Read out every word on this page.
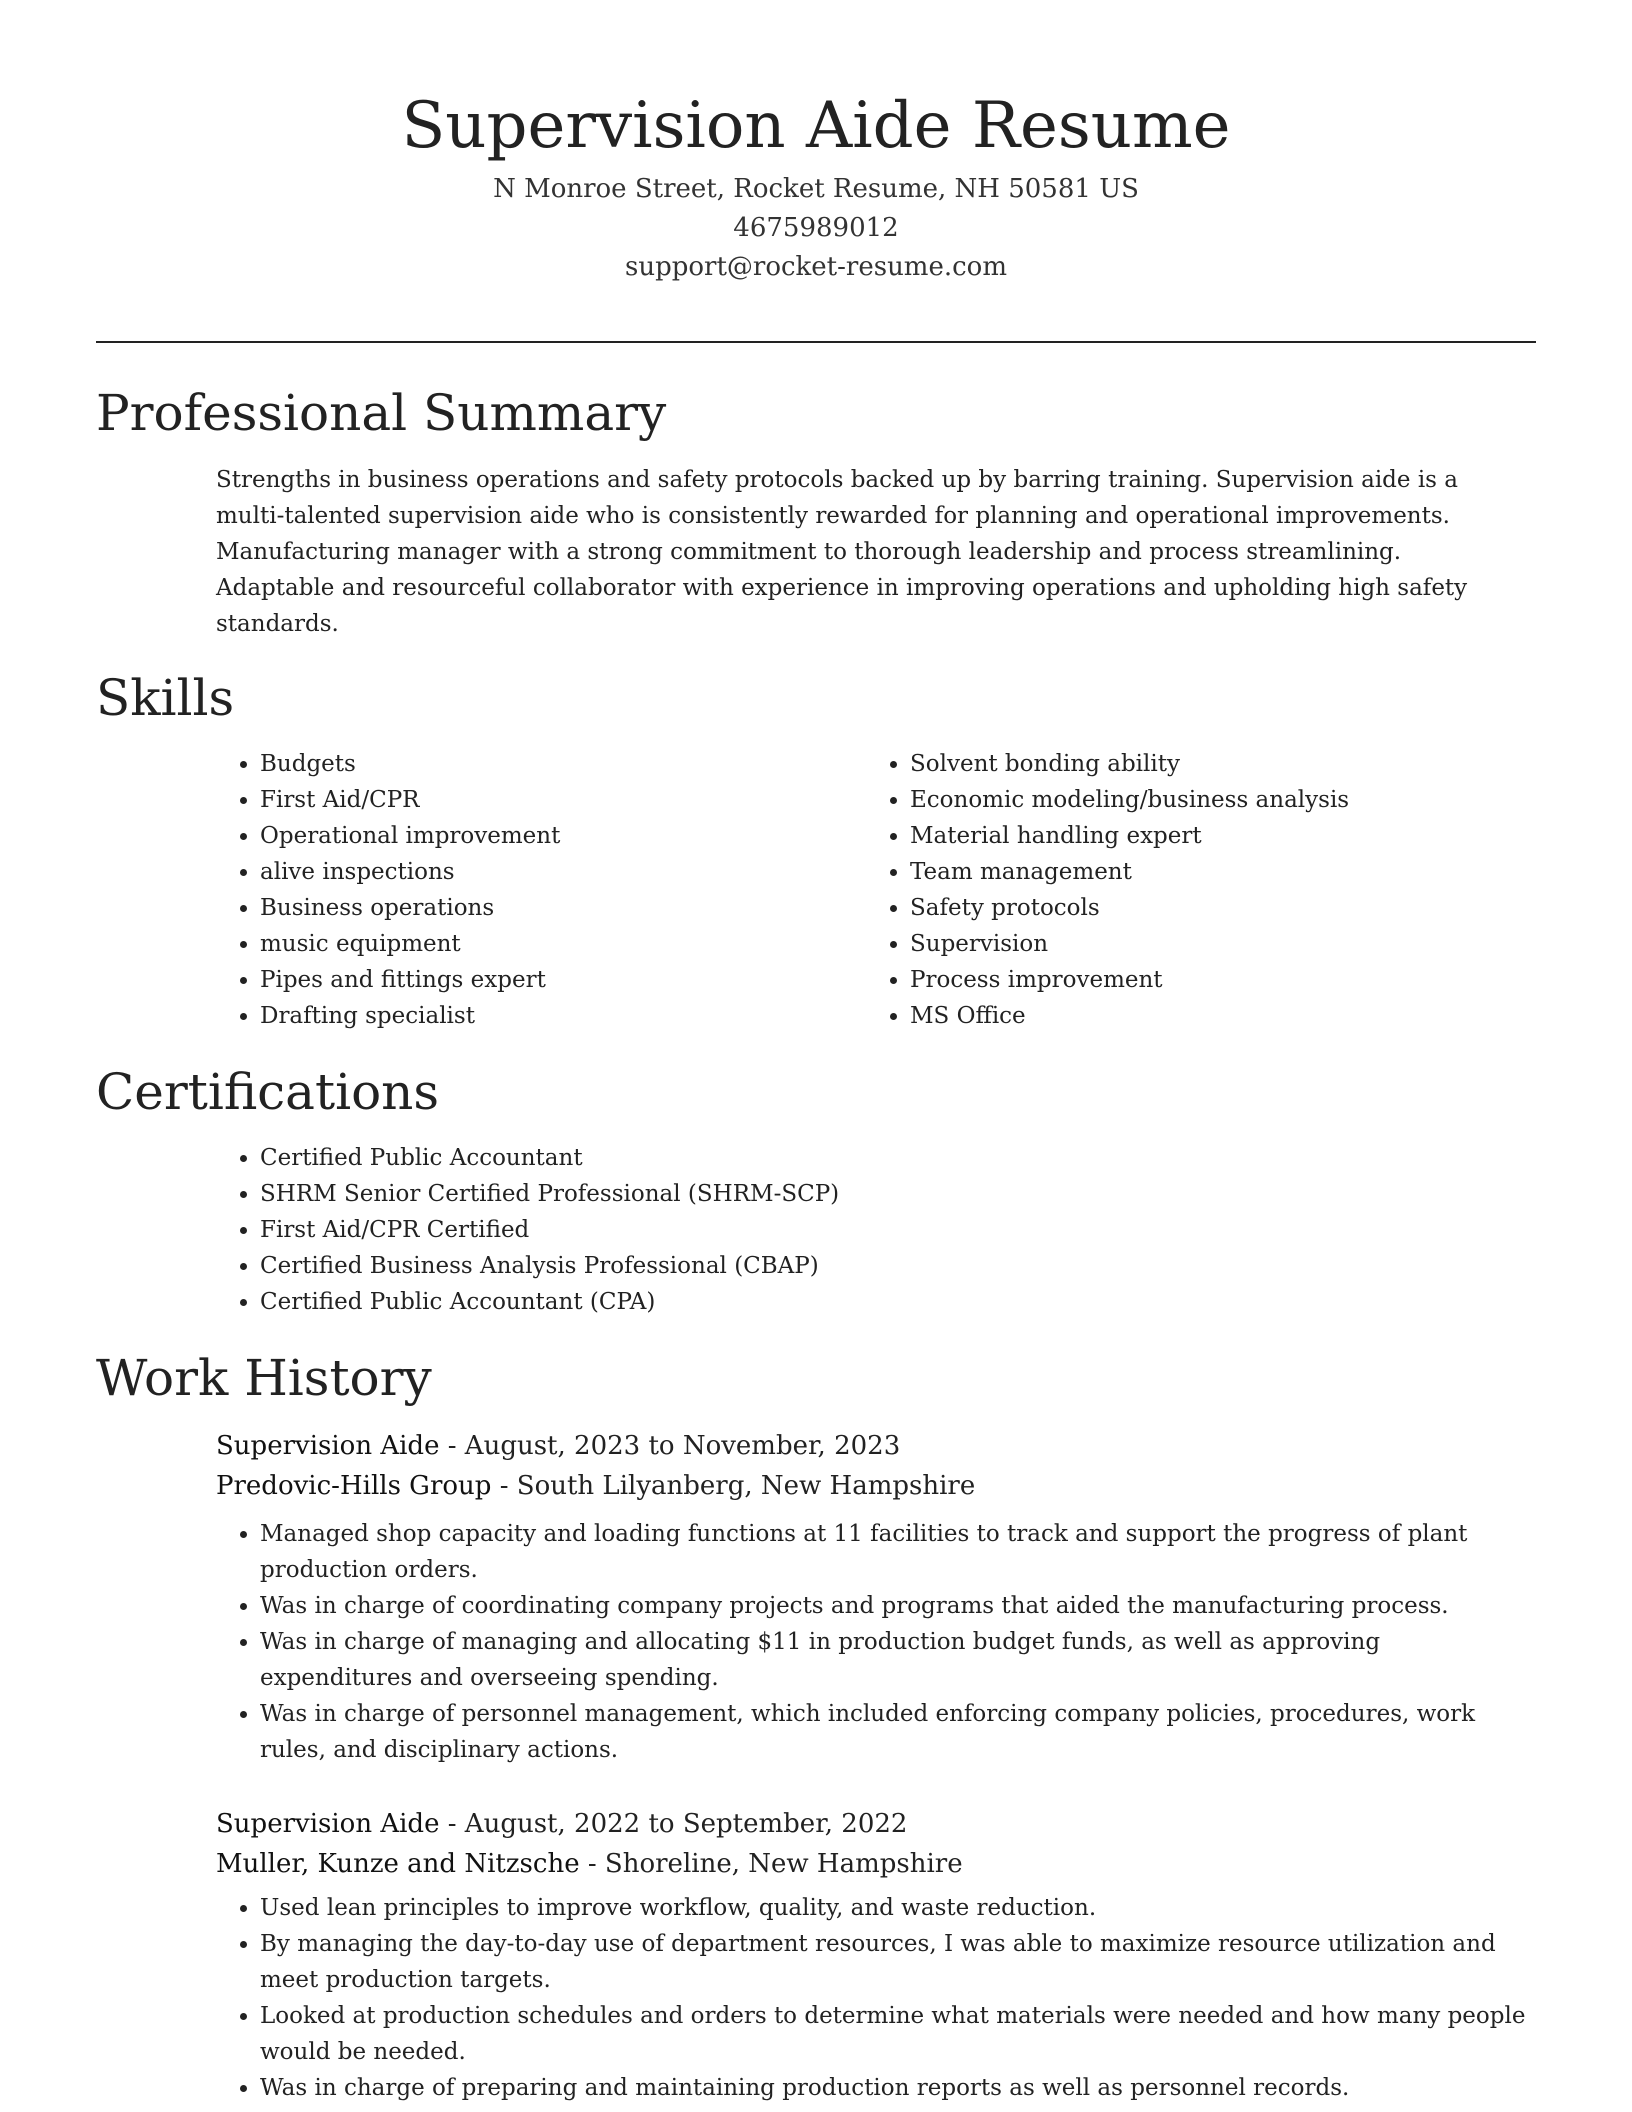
Supervision Aide Resume
N Monroe Street, Rocket Resume, NH 50581 US
4675989012
support@rocket-resume.com
Professional Summary

Strengths in business operations and safety protocols backed up by barring training. Supervision aide is a multi-talented supervision aide who is consistently rewarded for planning and operational improvements. Manufacturing manager with a strong commitment to thorough leadership and process streamlining. Adaptable and resourceful collaborator with experience in improving operations and upholding high safety standards.

Skills
• Budgets
• First Aid/CPR
• Operational improvement
• alive inspections
• Business operations
• music equipment
• Pipes and fittings expert
• Drafting specialist
• Solvent bonding ability
• Economic modeling/business analysis
• Material handling expert
• Team management
• Safety protocols
• Supervision
• Process improvement
• MS Office
Certifications
• Certified Public Accountant
• SHRM Senior Certified Professional (SHRM-SCP)
• First Aid/CPR Certified
• Certified Business Analysis Professional (CBAP)
• Certified Public Accountant (CPA)
Work History
Supervision Aide - August, 2023 to November, 2023
Predovic-Hills Group - South Lilyanberg, New Hampshire
• Managed shop capacity and loading functions at 11 facilities to track and support the progress of plant production orders.
• Was in charge of coordinating company projects and programs that aided the manufacturing process.
• Was in charge of managing and allocating $11 in production budget funds, as well as approving expenditures and overseeing spending.
• Was in charge of personnel management, which included enforcing company policies, procedures, work rules, and disciplinary actions.
Supervision Aide - August, 2022 to September, 2022
Muller, Kunze and Nitzsche - Shoreline, New Hampshire
• Used lean principles to improve workflow, quality, and waste reduction.
• By managing the day-to-day use of department resources, I was able to maximize resource utilization and meet production targets.
• Looked at production schedules and orders to determine what materials were needed and how many people would be needed.
• Was in charge of preparing and maintaining production reports as well as personnel records.
